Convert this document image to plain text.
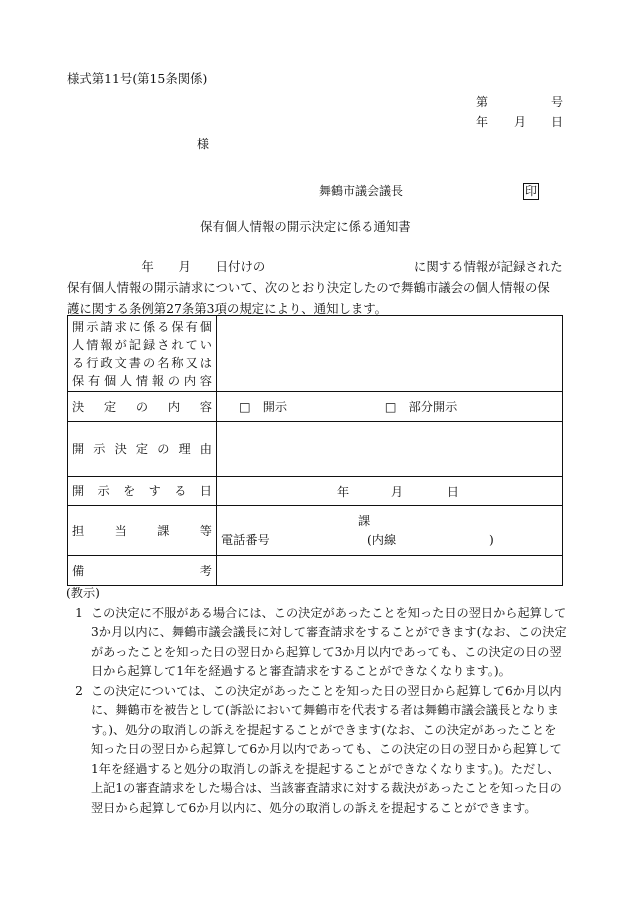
様式第11号(第15条関係)
第	号
年 月 日
様
舞鶴市議会議長	印
保有個人情報の開示決定に係る通知書
　　　　　　年　　月　　日付けの　　　　　　　　　　　　に関する情報が記録された
保有個人情報の開示請求について、次のとおり決定したので舞鶴市議会の個人情報の保
護に関する条例第27条第3項の規定により、通知します。
開示請求に係る保有個
人情報が記録されてい
る行政文書の名称又は
保有個人情報の内容	

決定の内容	□　開示 □　部分開示

開示決定の理由	

開示をする日	年 月 日

担当課等	課
電話番号 (内線 )

備考	

(教示)
1 この決定に不服がある場合には、この決定があったことを知った日の翌日から起算して3か月以内に、舞鶴市議会議長に対して審査請求をすることができます(なお、この決定があったことを知った日の翌日から起算して3か月以内であっても、この決定の日の翌日から起算して1年を経過すると審査請求をすることができなくなります。)。
2 この決定については、この決定があったことを知った日の翌日から起算して6か月以内に、舞鶴市を被告として(訴訟において舞鶴市を代表する者は舞鶴市議会議長となります。)、処分の取消しの訴えを提起することができます(なお、この決定があったことを知った日の翌日から起算して6か月以内であっても、この決定の日の翌日から起算して1年を経過すると処分の取消しの訴えを提起することができなくなります。)。ただし、上記1の審査請求をした場合は、当該審査請求に対する裁決があったことを知った日の翌日から起算して6か月以内に、処分の取消しの訴えを提起することができます。
